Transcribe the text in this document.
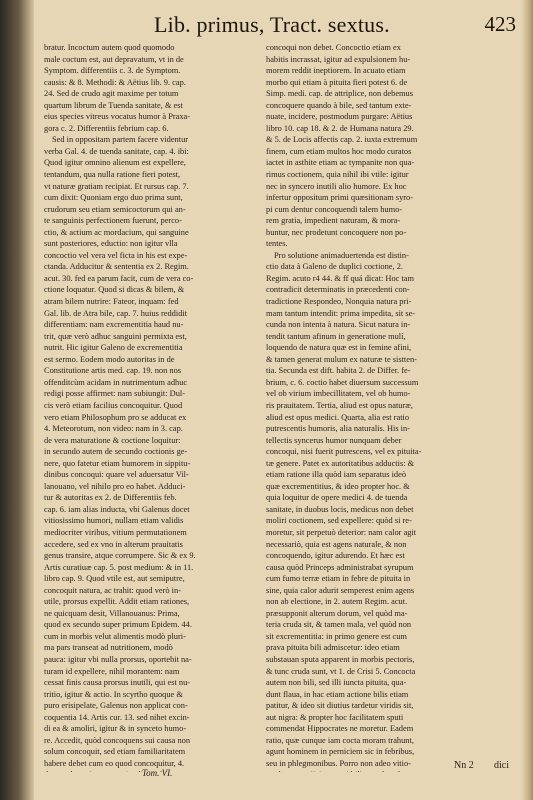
Lib. primus, Tract. sextus.	423
bratur. Incoctum autem quod quomodo
male coctum est, aut depravatum, vt in de
Symptom. differentiis c. 3. de Symptom.
causis: & 8. Methodi: & Aëtius lib. 9. cap.
24. Sed de crudo agit maxime per totum
quartum librum de Tuenda sanitate, & est
eius species vitreus vocatus humor à Praxa-
gora c. 2. Differentiis febrium cap. 6.
Sed in oppositam partem facere videntur
verba Gal. 4. de tuenda sanitate, cap. 4. ibi:
Quod igitur omnino alienum est expellere,
tentandum, qua nulla ratione fieri potest,
vt naturæ gratiam recipiat. Et rursus cap. 7.
cum dixit: Quoniam ergo duo prima sunt,
crudorum seu etiam semicoctorum qui an-
te sanguinis perfectionem fuerunt, perco-
ctio, & actium ac mordacium, qui sanguine
sunt posteriores, eductio: non igitur vlla
concoctio vel vera vel ficta in his est expe-
ctanda. Adducitur & sententia ex 2. Regim.
acut. 30. fed ea parum facit, cum de vera co-
ctione loquatur. Quod si dicas & bilem, &
atram bilem nutrire: Fateor, inquam: fed
Gal. lib. de Atra bile, cap. 7. huius reddidit
differentiam: nam excrementitia haud nu-
trit, quæ verò adhuc sanguini permixta est,
nutrit. Hic igitur Galeno de excrementitia
est sermo. Eodem modo autoritas in de
Constitutione artis med. cap. 19. non nos
offenditcùm acidam in nutrimentum adhuc
redigi posse affirmet: nam subiungit: Dul-
cis verò etiam facilius concoquitur. Quod
vero etiam Philosophum pro se adducat ex
4. Meteorotum, non video: nam in 3. cap.
de vera maturatione & coctione loquitur:
in secundo autem de secundo coctionis ge-
nere, quo fatetur etiam humorem in sippitu-
dinibus concoqui: quare vel aduersatur Vil-
lanouano, vel nihilo pro eo habet. Adduci-
tur & autoritas ex 2. de Differentiis feb.
cap. 6. iam alias inducta, vbi Galenus docet
vitiosissimo humori, nullam etiam validis
mediocriter viribus, vitium permutationem
accedere, sed ex vno in alterum prauitatis
genus transire, atque corrumpere. Sic & ex 9.
Artis curatiuæ cap. 5. post medium: & in 11.
libro cap. 9. Quod vtile est, aut semiputre,
concoquit natura, ac trahit: quod verò in-
utile, prorsus expellit. Addit etiam rationes,
ne quicquam desit, Villanouanus: Prima,
quod ex secundo super primum Epidem. 44.
cum in morbis velut alimentis modò pluri-
ma pars transeat ad nutritionem, modò
pauca: igitur vbi nulla prorsus, oportebit na-
turam id expellere, nihil morantem: nam
cessat finis causa prorsus inutili, qui est nu-
tritio, igitur & actio. In scyrtho quoque &
puro erisipelate, Galenus non applicat con-
coquentia 14. Artis cur. 13. sed nihet excin-
di ea & amoliri, igitur & in synceto humo-
re. Accedit, quòd concoquens sui causa non
solum concoquit, sed etiam familiaritatem
habere debet cum eo quod concoquitur, 4.
concoqui non debet. Concoctio etiam ex
habitis incrassat, igitur ad expulsionem hu-
morem reddit ineptiorem. In acuato etiam
morbo qui etiam à pituita fieri potest 6. de
Simp. medi. cap. de attriplice, non debemus
concoquere quando à bile, sed tantum exte-
nuate, incidere, postmodum purgare: Aëtius
libro 10. cap 18. & 2. de Humana natura 29.
& 5. de Locis affectis cap. 2. iuxta extremum
finem, cum etiam multos hoc modo curatos
iactet in asthite etiam ac tympanite non qua-
rimus coctionem, quia nihil ibi vtile: igitur
nec in syncero inutili alio humore. Ex hoc
infertur oppositum primi quæsitionam syro-
pi cum dentur concoquendi talem humo-
rem gratia, impedient naturam, & mora-
buntur, nec prodetunt concoquere non po-
tentes.
Pro solutione animaduertenda est distin-
ctio data à Galeno de duplici coctione, 2.
Regim. acuto r4 44. & ff quá dicat: Hoc tam
contradicit determinatis in præcedenti con-
tradictione Respondeo, Nonquia natura pri-
mam tantum intendit: prima impedita, sit se-
cunda non intenta à natura. Sicut natura in-
tendit tantum afinum in generatione mulí,
loquendo de natura quæ est in femine afini,
& tamen generat mulum ex naturæ te sistten-
tia. Secunda est dift. habita 2. de Differ. fe-
brium, c. 6. coctio habet diuersum successum
vel ob virium imbecillitatem, vel ob humo-
ris prauitatem. Tertia, aliud est opus naturæ,
aliud est opus medici. Quarta, alia est ratio
putrescentis humoris, alia naturalis. His in-
tellectis syncerus humor nunquam deber
concoqui, nisi fuerit putrescens, vel ex pituita-
tæ genere. Patet ex autoritatibus adductis: &
etiam ratione illa quòd iam separatus ideò
quæ excrementitius, & ideo propter hoc. &
quia loquitur de opere medici 4. de tuenda
sanitate, in duobus locis, medicus non debet
moliri coctionem, sed expellere: quòd si re-
moretur, sit perpetuò deterior: nam calor agit
necessariò, quia est agens naturale, & non
concoquendo, igitur adurendo. Et hæc est
causa quòd Princeps administrabat syrupum
cum fumo terræ etiam in febre de pituita in
sine, quia calor adurit semperest enim agens
non ab electione, in 2. autem Regim. acut.
præsupponit alterum dorum, vel quòd ma-
teria cruda sit, & tamen mala, vel quòd non
sit excrementitia: in primo genere est cum
prava pituita bili admiscetur: ideo etiam
substauan sputa apparent in morbis pectoris,
& tunc cruda sunt, vt 1. de Crisi 5. Concocta
autem non bili, sed illi iuncta pituita, qua-
dunt flaua, in hac etiam actione bilis etiam
patitur, & ideo sit diutius tardetur viridis sit,
aut nigra: & propter hoc facilitatem sputi
commendat Hippocrates ne moretur. Eadem
ratio, quæ cunque iam cocta moram trahunt,
agunt hominem in perniciem sic in febribus,
seu in phlegmonibus. Porro non adeo vitio-
Tom. VI.
Nn 2 dici
